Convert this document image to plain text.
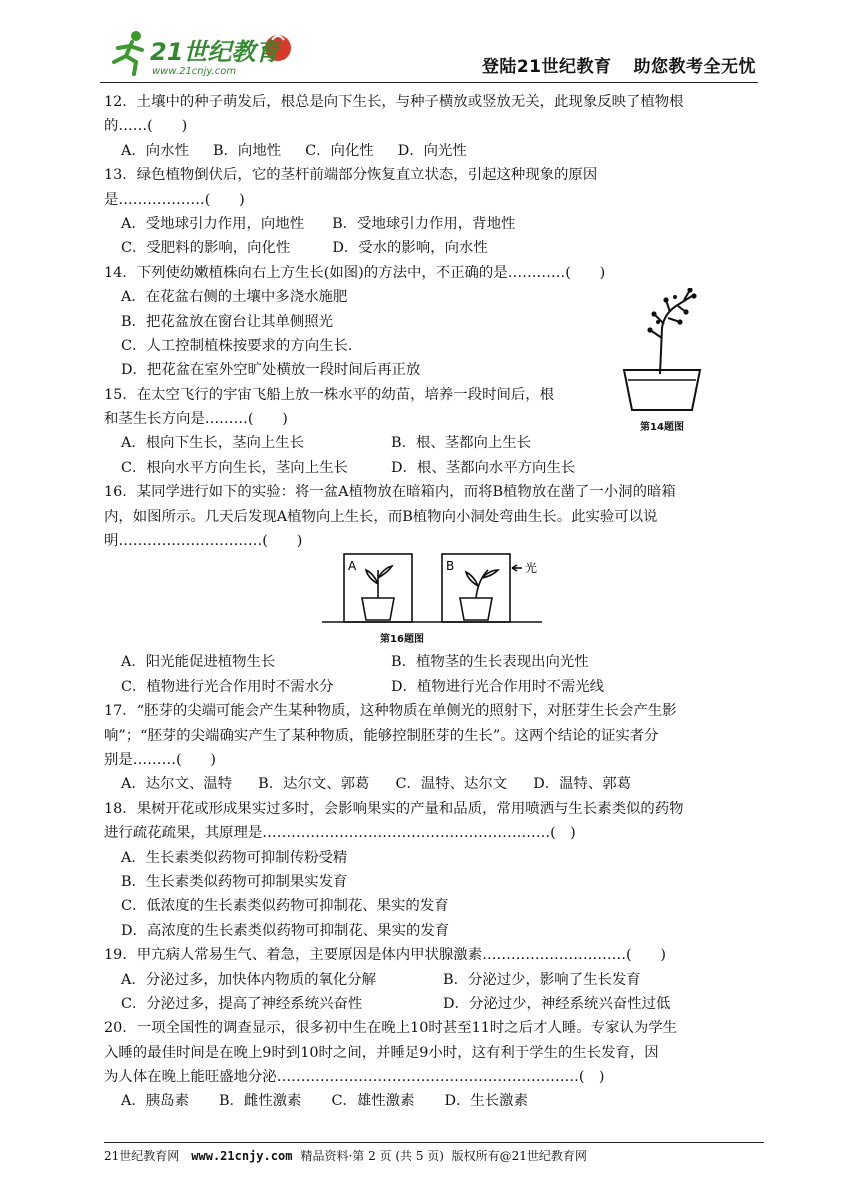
21世纪教育
www.21cnjy.com	登陆21世纪教育 助您教考全无忧
12．土壤中的种子萌发后，根总是向下生长，与种子横放或竖放无关，此现象反映了植物根
的……(　　)
A．向水性 B．向地性 C．向化性 D．向光性
13．绿色植物倒伏后，它的茎杆前端部分恢复直立状态，引起这种现象的原因
是………………(　　)
A．受地球引力作用，向地性 B．受地球引力作用，背地性
C．受肥料的影响，向化性	D．受水的影响，向水性
14．下列使幼嫩植株向右上方生长(如图)的方法中，不正确的是…………(　　)
A．在花盆右侧的土壤中多浇水施肥
B．把花盆放在窗台让其单侧照光
C．人工控制植株按要求的方向生长.
D．把花盆在室外空旷处横放一段时间后再正放
15．在太空飞行的宇宙飞船上放一株水平的幼苗，培养一段时间后，根
和茎生长方向是………(　　)
A．根向下生长，茎向上生长	B．根、茎都向上生长
C．根向水平方向生长，茎向上生长	D．根、茎都向水平方向生长
16．某同学进行如下的实验：将一盆A植物放在暗箱内，而将B植物放在凿了一小洞的暗箱
内，如图所示。几天后发现A植物向上生长，而B植物向小洞处弯曲生长。此实验可以说
明…………………………(　　)
A．阳光能促进植物生长	B．植物茎的生长表现出向光性
C．植物进行光合作用时不需水分	D．植物进行光合作用时不需光线
17．“胚芽的尖端可能会产生某种物质，这种物质在单侧光的照射下，对胚芽生长会产生影
响”；“胚芽的尖端确实产生了某种物质，能够控制胚芽的生长”。这两个结论的证实者分
别是………(　　)
A．达尔文、温特 B．达尔文、郭葛 C．温特、达尔文 D．温特、郭葛
18．果树开花或形成果实过多时，会影响果实的产量和品质，常用喷洒与生长素类似的药物
进行疏花疏果，其原理是……………………………………………………(　)
A．生长素类似药物可抑制传粉受精
B．生长素类似药物可抑制果实发育
C．低浓度的生长素类似药物可抑制花、果实的发育
D．高浓度的生长素类似药物可抑制花、果实的发育
19．甲亢病人常易生气、着急，主要原因是体内甲状腺激素…………………………(　　)
A．分泌过多，加快体内物质的氧化分解	B．分泌过少，影响了生长发育
C．分泌过多，提高了神经系统兴奋性	D．分泌过少，神经系统兴奋性过低
20．一项全国性的调查显示，很多初中生在晚上10时甚至11时之后才人睡。专家认为学生
入睡的最佳时间是在晚上9时到10时之间，并睡足9小时，这有利于学生的生长发育，因
为人体在晚上能旺盛地分泌………………………………………………………(　)
A．胰岛素 B．雌性激素 C．雄性激素 D．生长激素
第14题图
A	B	光
第16题图
21世纪教育网 www.21cnjy.com 精品资料·第 2 页 (共 5 页) 版权所有@21世纪教育网
